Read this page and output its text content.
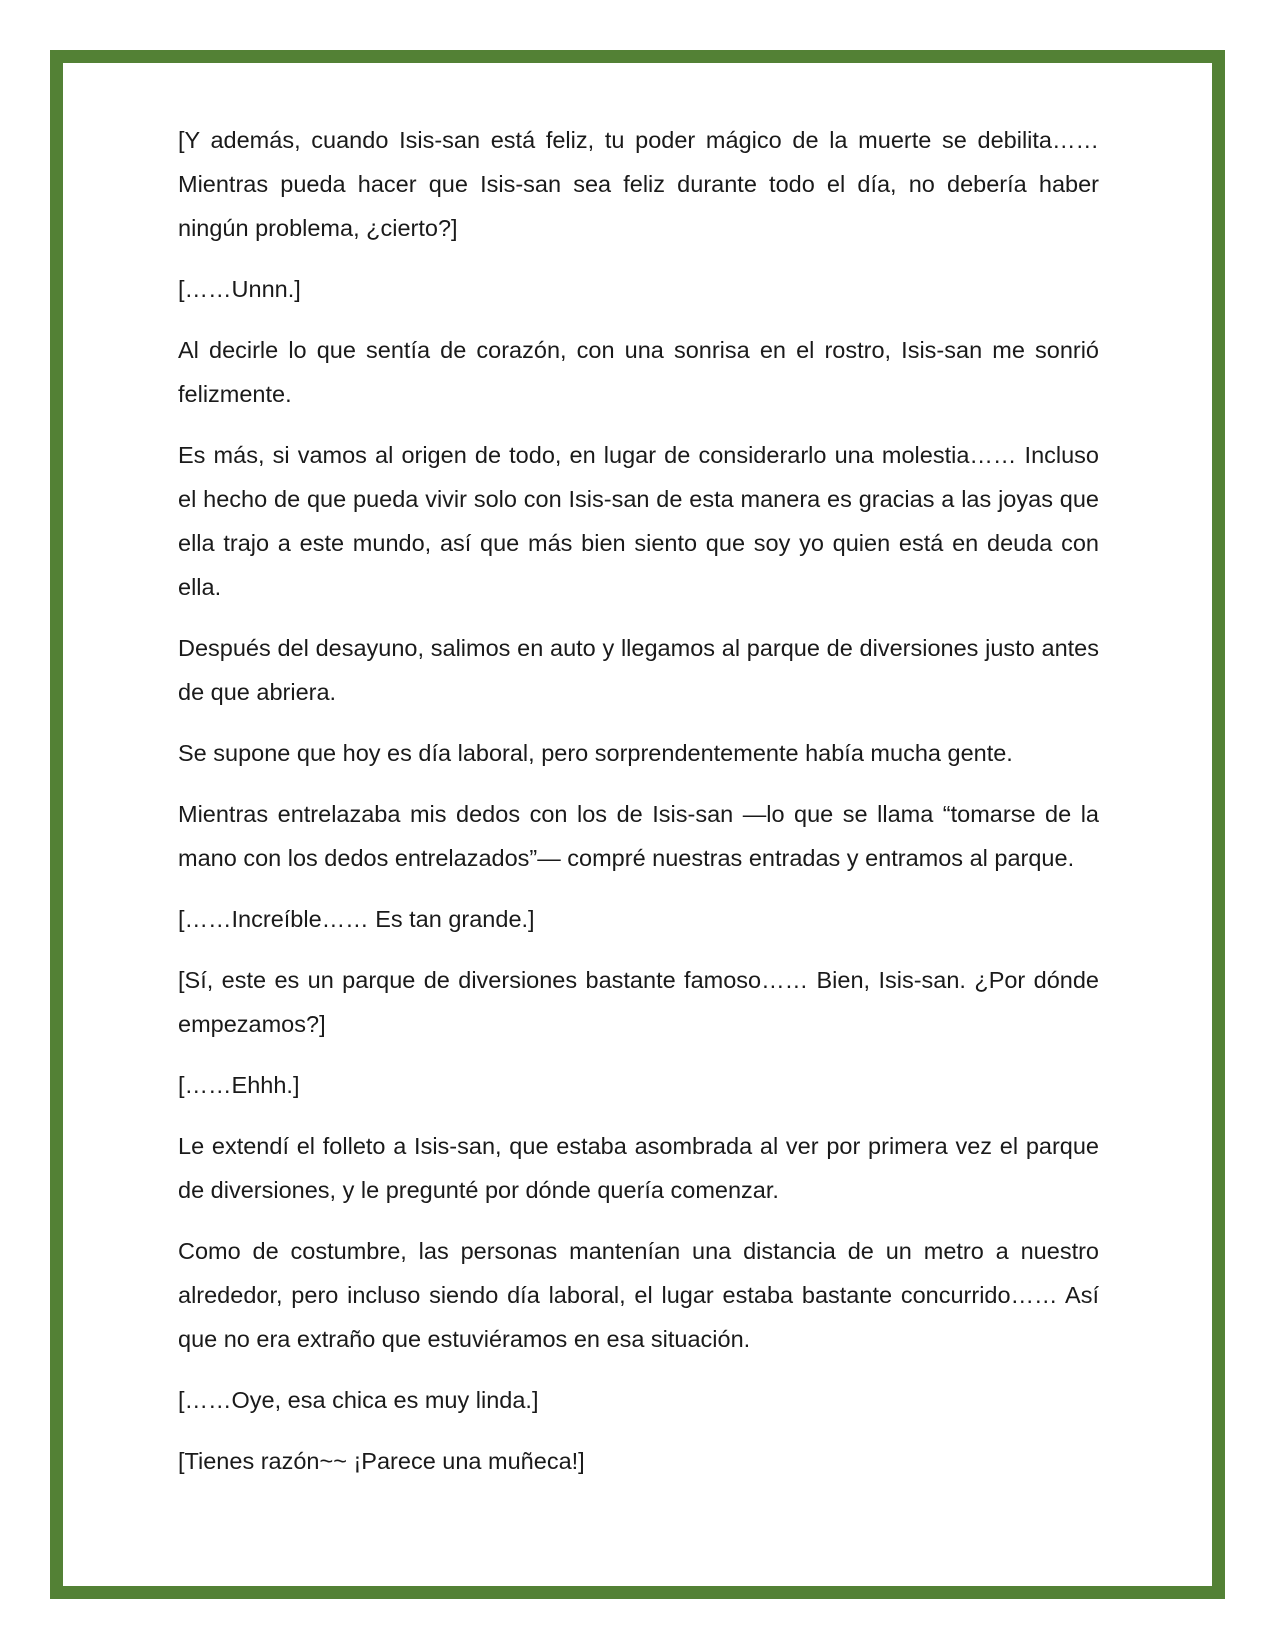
[Y además, cuando Isis-san está feliz, tu poder mágico de la muerte se debilita…… Mientras pueda hacer que Isis-san sea feliz durante todo el día, no debería haber ningún problema, ¿cierto?]

[……Unnn.]

Al decirle lo que sentía de corazón, con una sonrisa en el rostro, Isis-san me sonrió felizmente.

Es más, si vamos al origen de todo, en lugar de considerarlo una molestia…… Incluso el hecho de que pueda vivir solo con Isis-san de esta manera es gracias a las joyas que ella trajo a este mundo, así que más bien siento que soy yo quien está en deuda con ella.

Después del desayuno, salimos en auto y llegamos al parque de diversiones justo antes de que abriera.

Se supone que hoy es día laboral, pero sorprendentemente había mucha gente.

Mientras entrelazaba mis dedos con los de Isis-san —lo que se llama “tomarse de la mano con los dedos entrelazados”— compré nuestras entradas y entramos al parque.

[……Increíble…… Es tan grande.]

[Sí, este es un parque de diversiones bastante famoso…… Bien, Isis-san. ¿Por dónde empezamos?]

[……Ehhh.]

Le extendí el folleto a Isis-san, que estaba asombrada al ver por primera vez el parque de diversiones, y le pregunté por dónde quería comenzar.

Como de costumbre, las personas mantenían una distancia de un metro a nuestro alrededor, pero incluso siendo día laboral, el lugar estaba bastante concurrido…… Así que no era extraño que estuviéramos en esa situación.

[……Oye, esa chica es muy linda.]

[Tienes razón~~ ¡Parece una muñeca!]
